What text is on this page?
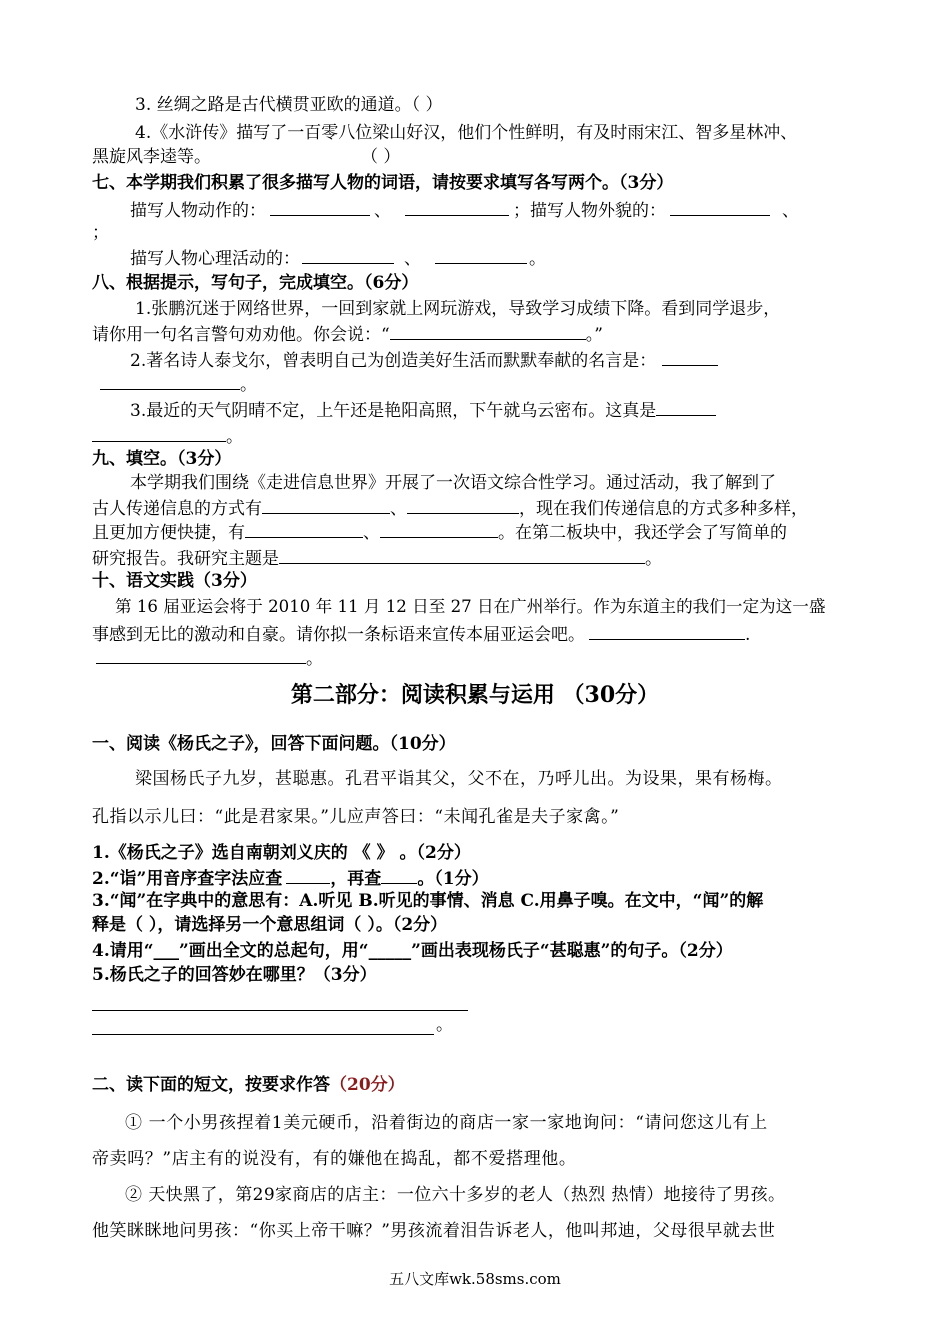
3. 丝绸之路是古代横贯亚欧的通道。（ ）
4.《水浒传》描写了一百零八位梁山好汉，他们个性鲜明，有及时雨宋江、智多星林冲、
黑旋风李逵等。	（ ）
七、本学期我们积累了很多描写人物的词语，请按要求填写各写两个。（3分）
描写人物动作的：	、	；描写人物外貌的：	、
；
描写人物心理活动的：	、	。
八、根据提示，写句子，完成填空。（6分）
1.张鹏沉迷于网络世界，一回到家就上网玩游戏，导致学习成绩下降。看到同学退步，
请你用一句名言警句劝劝他。你会说：“	。”
2.著名诗人泰戈尔，曾表明自己为创造美好生活而默默奉献的名言是：
。
3.最近的天气阴晴不定，上午还是艳阳高照，下午就乌云密布。这真是
。
九、填空。（3分）
本学期我们围绕《走进信息世界》开展了一次语文综合性学习。通过活动，我了解到了
古人传递信息的方式有	、	，现在我们传递信息的方式多种多样，
且更加方便快捷，有	、	。在第二板块中，我还学会了写简单的
研究报告。我研究主题是	。
十、语文实践（3分）
第 16 届亚运会将于 2010 年 11 月 12 日至 27 日在广州举行。作为东道主的我们一定为这一盛
事感到无比的激动和自豪。请你拟一条标语来宣传本届亚运会吧。	.
。
第二部分：阅读积累与运用 （30分）
一、阅读《杨氏之子》，回答下面问题。（10分）
梁国杨氏子九岁，甚聪惠。孔君平诣其父，父不在，乃呼儿出。为设果，果有杨梅。
孔指以示儿曰：“此是君家果。”儿应声答曰：“未闻孔雀是夫子家禽。”
1.《杨氏之子》选自南朝刘义庆的 《 》 。（2分）
2.“诣”用音序查字法应查	，再查 。（1分）
3.“闻”在字典中的意思有：A.听见 B.听见的事情、消息 C.用鼻子嗅。在文中，“闻”的解
释是（ ），请选择另一个意思组词（ ）。（2分）
4.请用“___”画出全文的总起句，用“_____”画出表现杨氏子“甚聪惠”的句子。（2分）
5.杨氏之子的回答妙在哪里？（3分）
。
二、读下面的短文，按要求作答（20分）
① 一个小男孩捏着1美元硬币，沿着街边的商店一家一家地询问：“请问您这儿有上
帝卖吗？”店主有的说没有，有的嫌他在捣乱，都不爱搭理他。
② 天快黑了，第29家商店的店主：一位六十多岁的老人（热烈 热情）地接待了男孩。
他笑眯眯地问男孩：“你买上帝干嘛？”男孩流着泪告诉老人，他叫邦迪，父母很早就去世
五八文库wk.58sms.com
